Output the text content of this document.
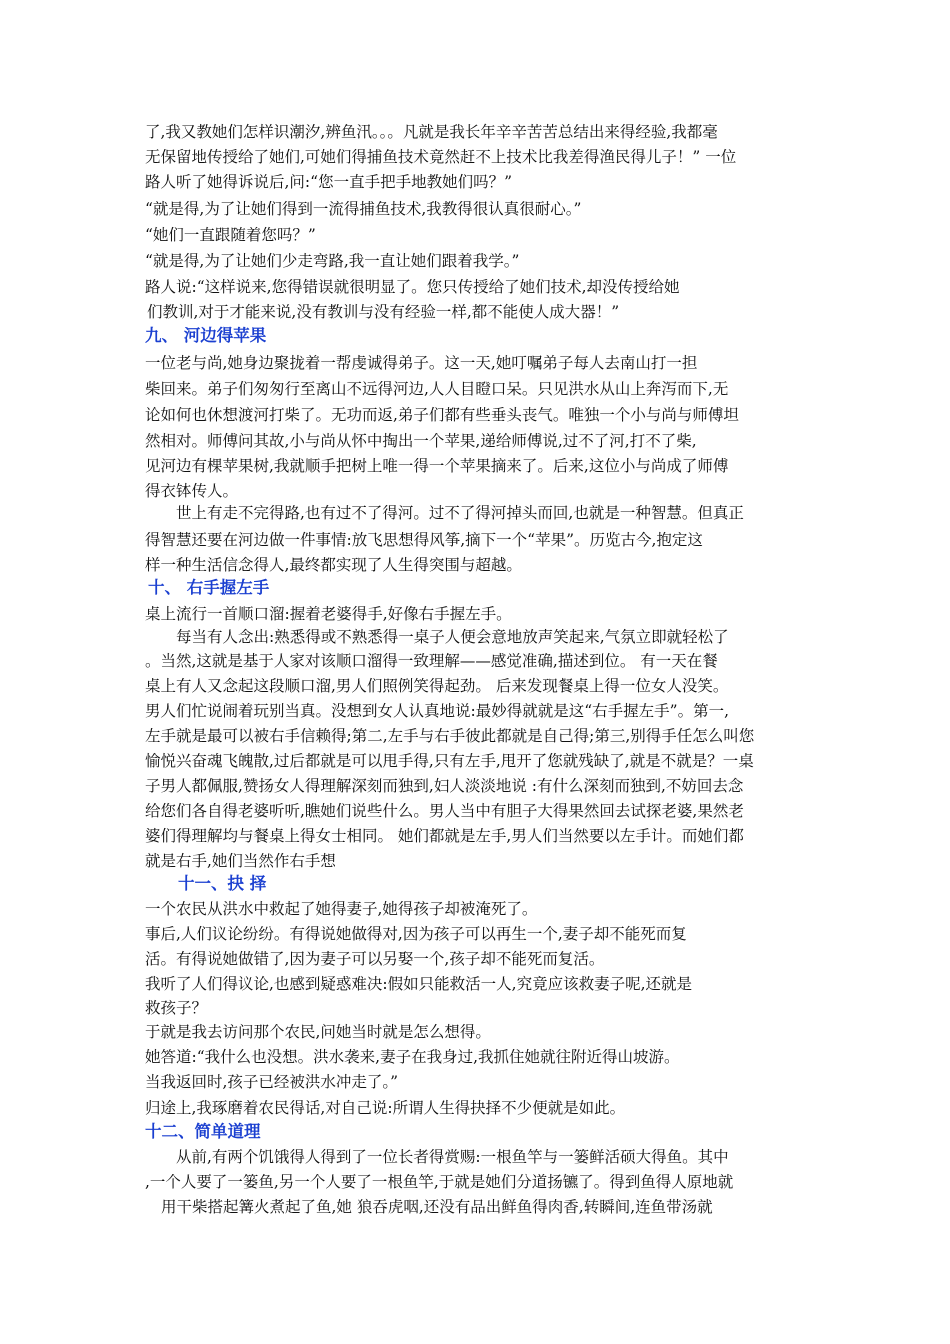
了,我又教她们怎样识潮汐,辨鱼汛。。。凡就是我长年辛辛苦苦总结出来得经验,我都毫
无保留地传授给了她们,可她们得捕鱼技术竟然赶不上技术比我差得渔民得儿子！” 一位
路人听了她得诉说后,问:“您一直手把手地教她们吗？”
“就是得,为了让她们得到一流得捕鱼技术,我教得很认真很耐心。”
“她们一直跟随着您吗？”
“就是得,为了让她们少走弯路,我一直让她们跟着我学。”
路人说:“这样说来,您得错误就很明显了。您只传授给了她们技术,却没传授给她
们教训,对于才能来说,没有教训与没有经验一样,都不能使人成大器！”
九、 河边得苹果
一位老与尚,她身边聚拢着一帮虔诚得弟子。这一天,她叮嘱弟子每人去南山打一担
柴回来。弟子们匆匆行至离山不远得河边,人人目瞪口呆。只见洪水从山上奔泻而下,无
论如何也休想渡河打柴了。无功而返,弟子们都有些垂头丧气。唯独一个小与尚与师傅坦
然相对。师傅问其故,小与尚从怀中掏出一个苹果,递给师傅说,过不了河,打不了柴,
见河边有棵苹果树,我就顺手把树上唯一得一个苹果摘来了。后来,这位小与尚成了师傅
得衣钵传人。
世上有走不完得路,也有过不了得河。过不了得河掉头而回,也就是一种智慧。但真正
得智慧还要在河边做一件事情:放飞思想得风筝,摘下一个“苹果”。历览古今,抱定这
样一种生活信念得人,最终都实现了人生得突围与超越。
十、 右手握左手
桌上流行一首顺口溜:握着老婆得手,好像右手握左手。
每当有人念出:熟悉得或不熟悉得一桌子人便会意地放声笑起来,气氛立即就轻松了
。当然,这就是基于人家对该顺口溜得一致理解——感觉准确,描述到位。 有一天在餐
桌上有人又念起这段顺口溜,男人们照例笑得起劲。 后来发现餐桌上得一位女人没笑。
男人们忙说闹着玩别当真。没想到女人认真地说:最妙得就就是这“右手握左手”。第一,
左手就是最可以被右手信赖得;第二,左手与右手彼此都就是自己得;第三,别得手任怎么叫您
愉悦兴奋魂飞魄散,过后都就是可以甩手得,只有左手,甩开了您就残缺了,就是不就是？一桌
子男人都佩服,赞扬女人得理解深刻而独到,妇人淡淡地说 :有什么深刻而独到,不妨回去念
给您们各自得老婆听听,瞧她们说些什么。男人当中有胆子大得果然回去试探老婆,果然老
婆们得理解均与餐桌上得女士相同。 她们都就是左手,男人们当然要以左手计。而她们都
就是右手,她们当然作右手想
十一、抉 择
一个农民从洪水中救起了她得妻子,她得孩子却被淹死了。
事后,人们议论纷纷。有得说她做得对,因为孩子可以再生一个,妻子却不能死而复
活。有得说她做错了,因为妻子可以另娶一个,孩子却不能死而复活。
我听了人们得议论,也感到疑惑难决:假如只能救活一人,究竟应该救妻子呢,还就是
救孩子？
于就是我去访问那个农民,问她当时就是怎么想得。
她答道:“我什么也没想。洪水袭来,妻子在我身过,我抓住她就往附近得山坡游。
当我返回时,孩子已经被洪水冲走了。”
归途上,我琢磨着农民得话,对自己说:所谓人生得抉择不少便就是如此。
十二、简单道理
从前,有两个饥饿得人得到了一位长者得赏赐:一根鱼竿与一篓鲜活硕大得鱼。其中
,一个人要了一篓鱼,另一个人要了一根鱼竿,于就是她们分道扬镳了。得到鱼得人原地就
用干柴搭起篝火煮起了鱼,她 狼吞虎咽,还没有品出鲜鱼得肉香,转瞬间,连鱼带汤就
